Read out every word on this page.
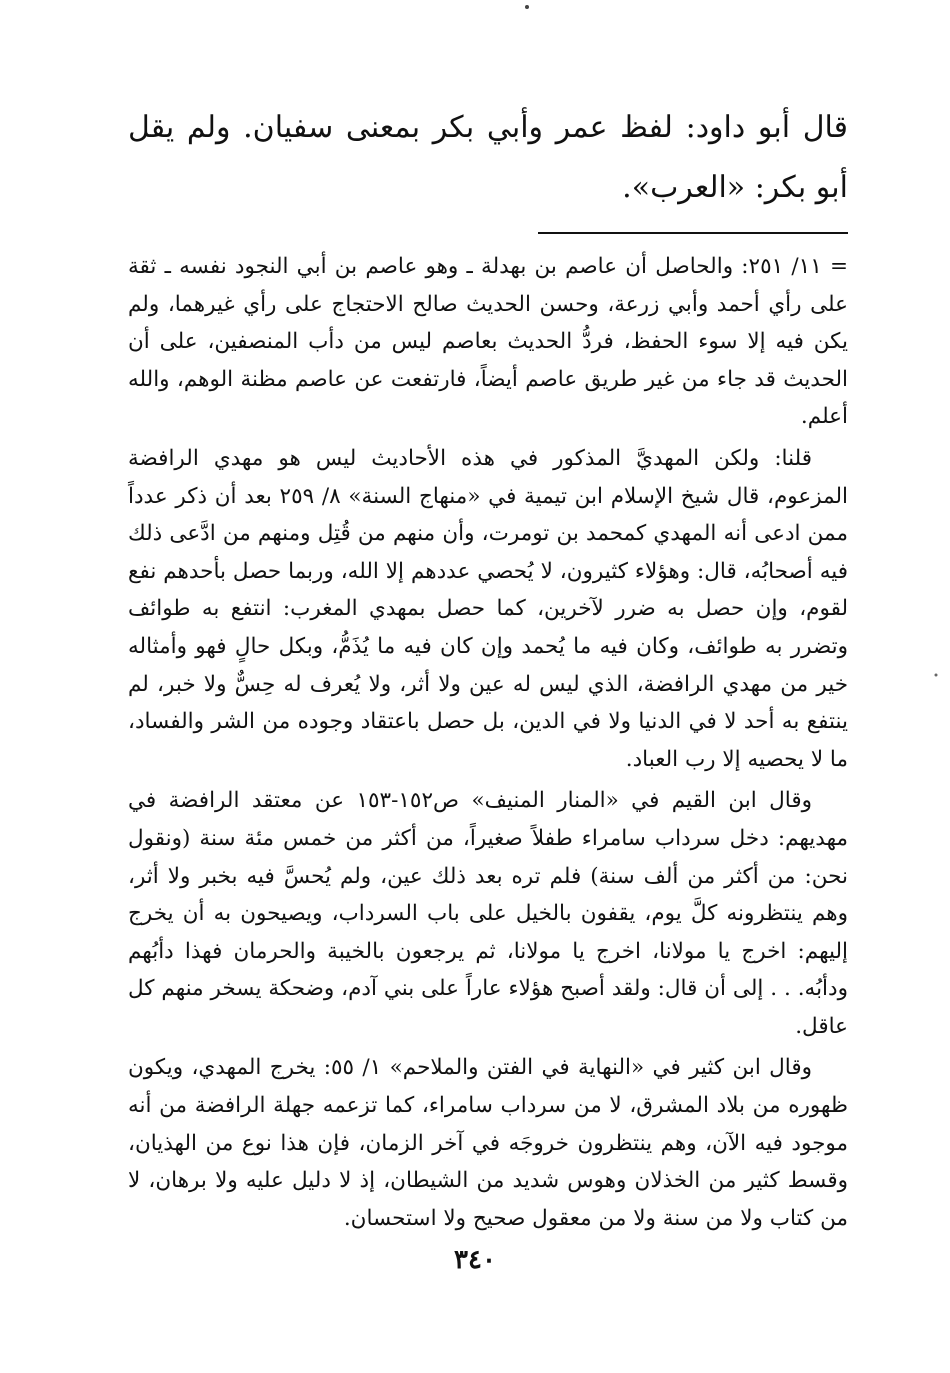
قال أبو داود: لفظ عمر وأبي بكر بمعنى سفيان. ولم يقل أبو بكر: «العرب».

= ١١/ ٢٥١: والحاصل أن عاصم بن بهدلة ـ وهو عاصم بن أبي النجود نفسه ـ ثقة على رأي أحمد وأبي زرعة، وحسن الحديث صالح الاحتجاج على رأي غيرهما، ولم يكن فيه إلا سوء الحفظ، فردُّ الحديث بعاصم ليس من دأب المنصفين، على أن الحديث قد جاء من غير طريق عاصم أيضاً، فارتفعت عن عاصم مظنة الوهم، والله أعلم.

قلنا: ولكن المهديَّ المذكور في هذه الأحاديث ليس هو مهدي الرافضة المزعوم، قال شيخ الإسلام ابن تيمية في «منهاج السنة» ٨/ ٢٥٩ بعد أن ذكر عدداً ممن ادعى أنه المهدي كمحمد بن تومرت، وأن منهم من قُتِل ومنهم من ادَّعى ذلك فيه أصحابُه، قال: وهؤلاء كثيرون، لا يُحصي عددهم إلا الله، وربما حصل بأحدهم نفع لقوم، وإن حصل به ضرر لآخرين، كما حصل بمهدي المغرب: انتفع به طوائف وتضرر به طوائف، وكان فيه ما يُحمد وإن كان فيه ما يُذَمُّ، وبكل حالٍ فهو وأمثاله خير من مهدي الرافضة، الذي ليس له عين ولا أثر، ولا يُعرف له حِسٌّ ولا خبر، لم ينتفع به أحد لا في الدنيا ولا في الدين، بل حصل باعتقاد وجوده من الشر والفساد، ما لا يحصيه إلا رب العباد.

وقال ابن القيم في «المنار المنيف» ص١٥٢-١٥٣ عن معتقد الرافضة في مهديهم: دخل سرداب سامراء طفلاً صغيراً، من أكثر من خمس مئة سنة (ونقول نحن: من أكثر من ألف سنة) فلم تره بعد ذلك عين، ولم يُحسَّ فيه بخبر ولا أثر، وهم ينتظرونه كلَّ يوم، يقفون بالخيل على باب السرداب، ويصيحون به أن يخرج إليهم: اخرج يا مولانا، اخرج يا مولانا، ثم يرجعون بالخيبة والحرمان فهذا دأبُهم ودأبُه. . . إلى أن قال: ولقد أصبح هؤلاء عاراً على بني آدم، وضحكة يسخر منهم كل عاقل.

وقال ابن كثير في «النهاية في الفتن والملاحم» ١/ ٥٥: يخرج المهدي، ويكون ظهوره من بلاد المشرق، لا من سرداب سامراء، كما تزعمه جهلة الرافضة من أنه موجود فيه الآن، وهم ينتظرون خروجَه في آخر الزمان، فإن هذا نوع من الهذيان، وقسط كثير من الخذلان وهوس شديد من الشيطان، إذ لا دليل عليه ولا برهان، لا من كتاب ولا من سنة ولا من معقول صحيح ولا استحسان.

٣٤٠
